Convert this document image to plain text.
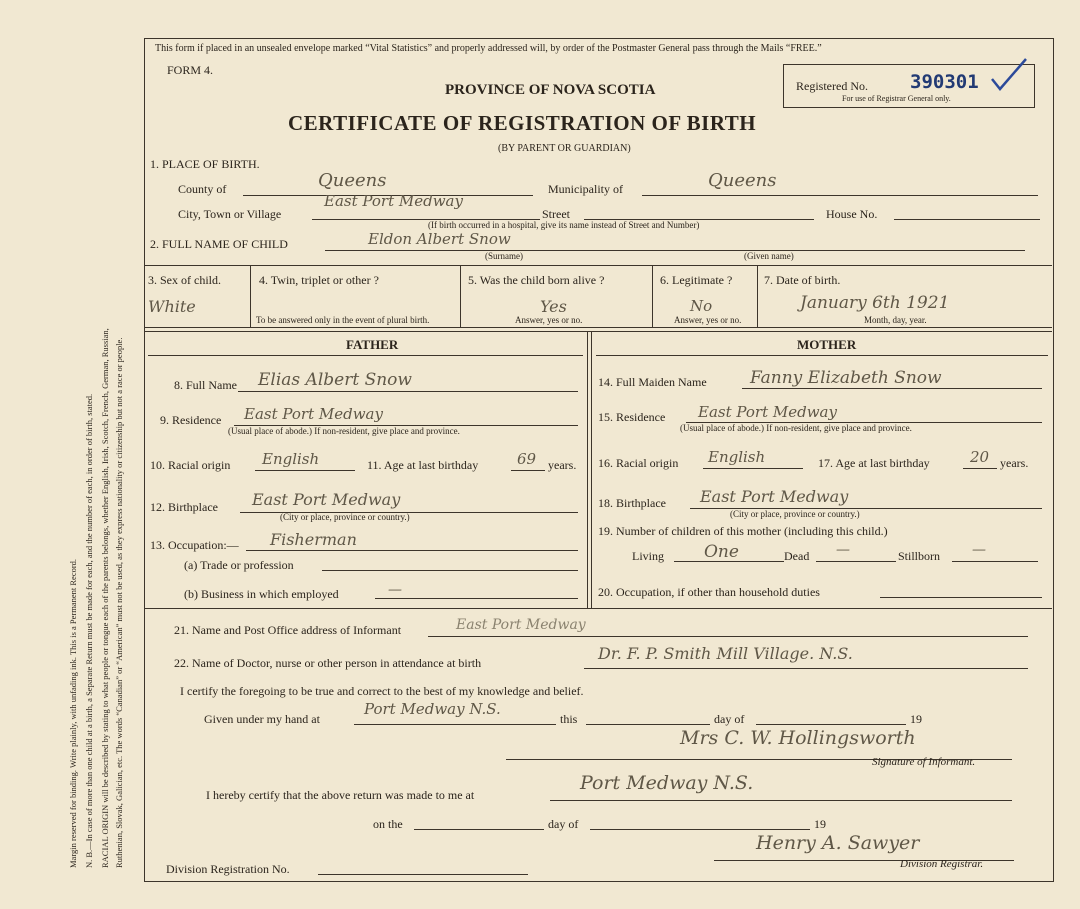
Margin reserved for binding. Write plainly, with unfading ink. This is a Permanent Record. N. B.—In case of more than one child at a birth, a Separate Return must be made for each, and the number of each, in order of birth, stated. RACIAL ORIGIN will be described by stating to what people or tongue each of the parents belongs, whether English, Irish, Scotch, French, German, Russian, Ruthenian, Slovak, Galician, etc. The words “Canadian” or “American” must not be used, as they express nationality or citizenship but not a race or people.
This form if placed in an unsealed envelope marked “Vital Statistics” and properly addressed will, by order of the Postmaster General pass through the Mails “FREE.”
FORM 4.
PROVINCE OF NOVA SCOTIA
CERTIFICATE OF REGISTRATION OF BIRTH
(BY PARENT OR GUARDIAN)
Registered No. 390301
For use of Registrar General only.
1. PLACE OF BIRTH.
County of	Queens	Municipality of	Queens
City, Town or Village
East Port Medway
Street	House No.
(If birth occurred in a hospital, give its name instead of Street and Number)
2. FULL NAME OF CHILD	Eldon Albert Snow
(Surname)	(Given name)
3. Sex of child.
White
4. Twin, triplet or other ?
To be answered only in the event of plural birth.
5. Was the child born alive ?
Yes
Answer, yes or no.
6. Legitimate ?
No
Answer, yes or no.
7. Date of birth.
January 6th 1921
Month, day, year.
FATHER	MOTHER
8. Full Name Elias Albert Snow
9. Residence East Port Medway
(Usual place of abode.) If non-resident, give place and province.
10. Racial origin English	11. Age at last birthday	69 years.
12. Birthplace East Port Medway
(City or place, province or country.)
13. Occupation:— Fisherman
(a) Trade or profession
(b) Business in which employed	—
14. Full Maiden Name	Fanny Elizabeth Snow
15. Residence East Port Medway
(Usual place of abode.) If non-resident, give place and province.
16. Racial origin English	17. Age at last birthday	20 years.
18. Birthplace East Port Medway
(City or place, province or country.)
19. Number of children of this mother (including this child.)
Living One	Dead —	Stillborn —
20. Occupation, if other than household duties
21. Name and Post Office address of Informant	East Port Medway
22. Name of Doctor, nurse or other person in attendance at birth	Dr. F. P. Smith Mill Village. N.S.
I certify the foregoing to be true and correct to the best of my knowledge and belief.
Given under my hand at
Port Medway N.S.
this	day of	19
Mrs C. W. Hollingsworth
Signature of Informant.
I hereby certify that the above return was made to me at
Port Medway N.S.
on the	day of	19
Henry A. Sawyer
Division Registrar.
Division Registration No.
